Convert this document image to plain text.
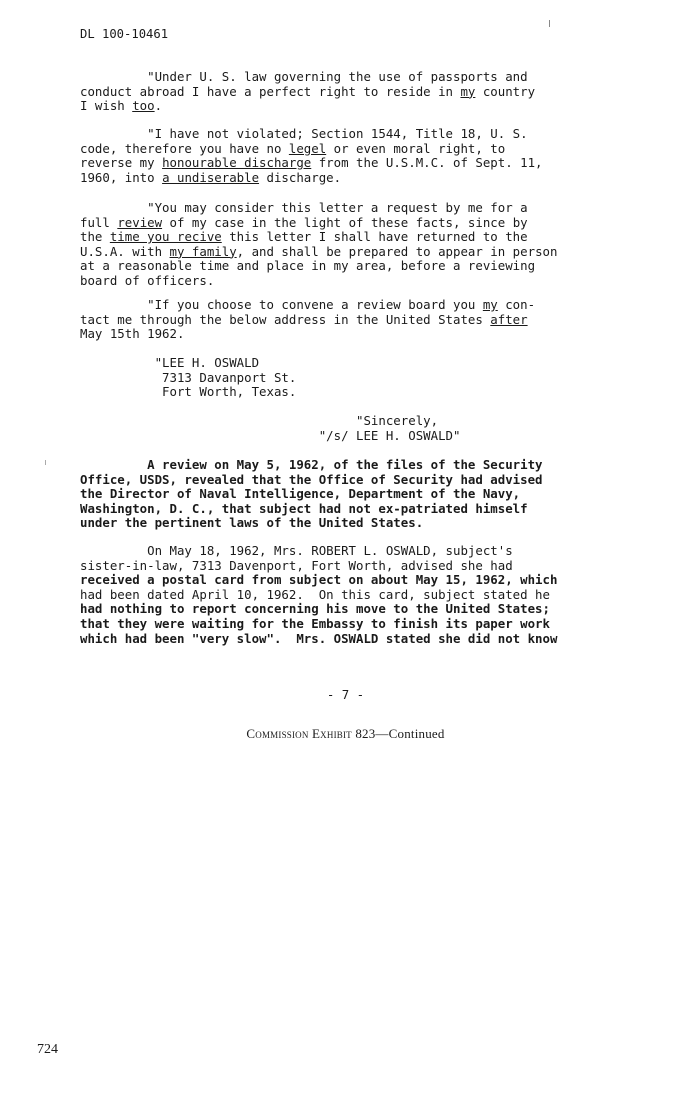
DL 100-10461
"Under U. S. law governing the use of passports and
conduct abroad I have a perfect right to reside in my country
I wish too.
"I have not violated; Section 1544, Title 18, U. S.
code, therefore you have no legel or even moral right, to
reverse my honourable discharge from the U.S.M.C. of Sept. 11,
1960, into a undiserable discharge.
"You may consider this letter a request by me for a
full review of my case in the light of these facts, since by
the time you recive this letter I shall have returned to the
U.S.A. with my family, and shall be prepared to appear in person
at a reasonable time and place in my area, before a reviewing
board of officers.
"If you choose to convene a review board you my con-
tact me through the below address in the United States after
May 15th 1962.
"LEE H. OSWALD
7313 Davanport St.
Fort Worth, Texas.
"Sincerely,
"/s/ LEE H. OSWALD"
A review on May 5, 1962, of the files of the Security
Office, USDS, revealed that the Office of Security had advised
the Director of Naval Intelligence, Department of the Navy,
Washington, D. C., that subject had not ex-patriated himself
under the pertinent laws of the United States.
On May 18, 1962, Mrs. ROBERT L. OSWALD, subject's
sister-in-law, 7313 Davenport, Fort Worth, advised she had
received a postal card from subject on about May 15, 1962, which
had been dated April 10, 1962.  On this card, subject stated he
had nothing to report concerning his move to the United States;
that they were waiting for the Embassy to finish its paper work
which had been "very slow".  Mrs. OSWALD stated she did not know
- 7 -
Commission Exhibit 823—Continued
724
